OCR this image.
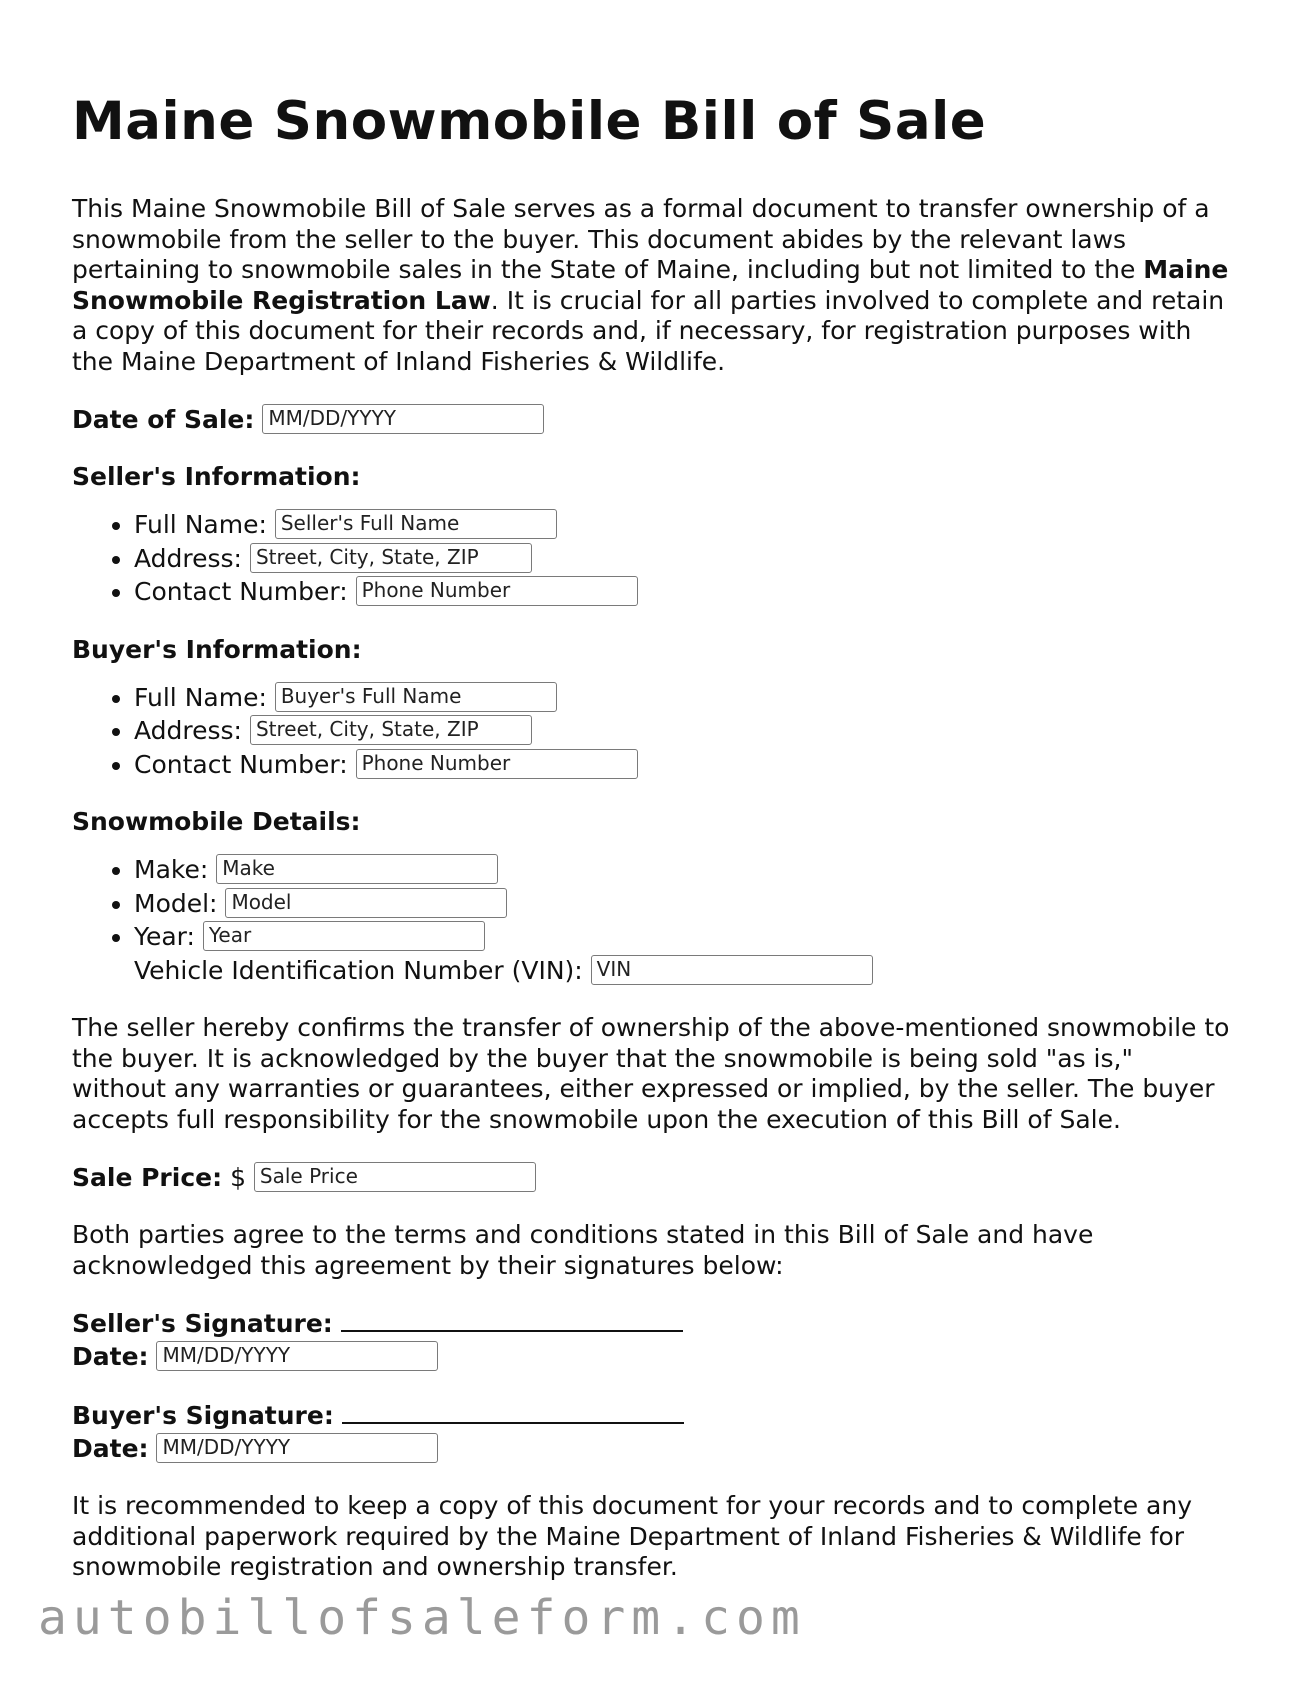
Maine Snowmobile Bill of Sale

This Maine Snowmobile Bill of Sale serves as a formal document to transfer ownership of a snowmobile from the seller to the buyer. This document abides by the relevant laws pertaining to snowmobile sales in the State of Maine, including but not limited to the Maine Snowmobile Registration Law. It is crucial for all parties involved to complete and retain a copy of this document for their records and, if necessary, for registration purposes with the Maine Department of Inland Fisheries & Wildlife.

Date of Sale: MM/DD/YYYY

Seller's Information:

• Full Name: Seller's Full Name
• Address: Street, City, State, ZIP
• Contact Number: Phone Number

Buyer's Information:

• Full Name: Buyer's Full Name
• Address: Street, City, State, ZIP
• Contact Number: Phone Number

Snowmobile Details:

• Make: Make
• Model: Model
• Year: Year
Vehicle Identification Number (VIN): VIN

The seller hereby confirms the transfer of ownership of the above-mentioned snowmobile to the buyer. It is acknowledged by the buyer that the snowmobile is being sold "as is," without any warranties or guarantees, either expressed or implied, by the seller. The buyer accepts full responsibility for the snowmobile upon the execution of this Bill of Sale.

Sale Price: $ Sale Price

Both parties agree to the terms and conditions stated in this Bill of Sale and have acknowledged this agreement by their signatures below:

Seller's Signature:

Date: MM/DD/YYYY

Buyer's Signature:

Date: MM/DD/YYYY

It is recommended to keep a copy of this document for your records and to complete any additional paperwork required by the Maine Department of Inland Fisheries & Wildlife for snowmobile registration and ownership transfer.

autobillofsaleform.com
